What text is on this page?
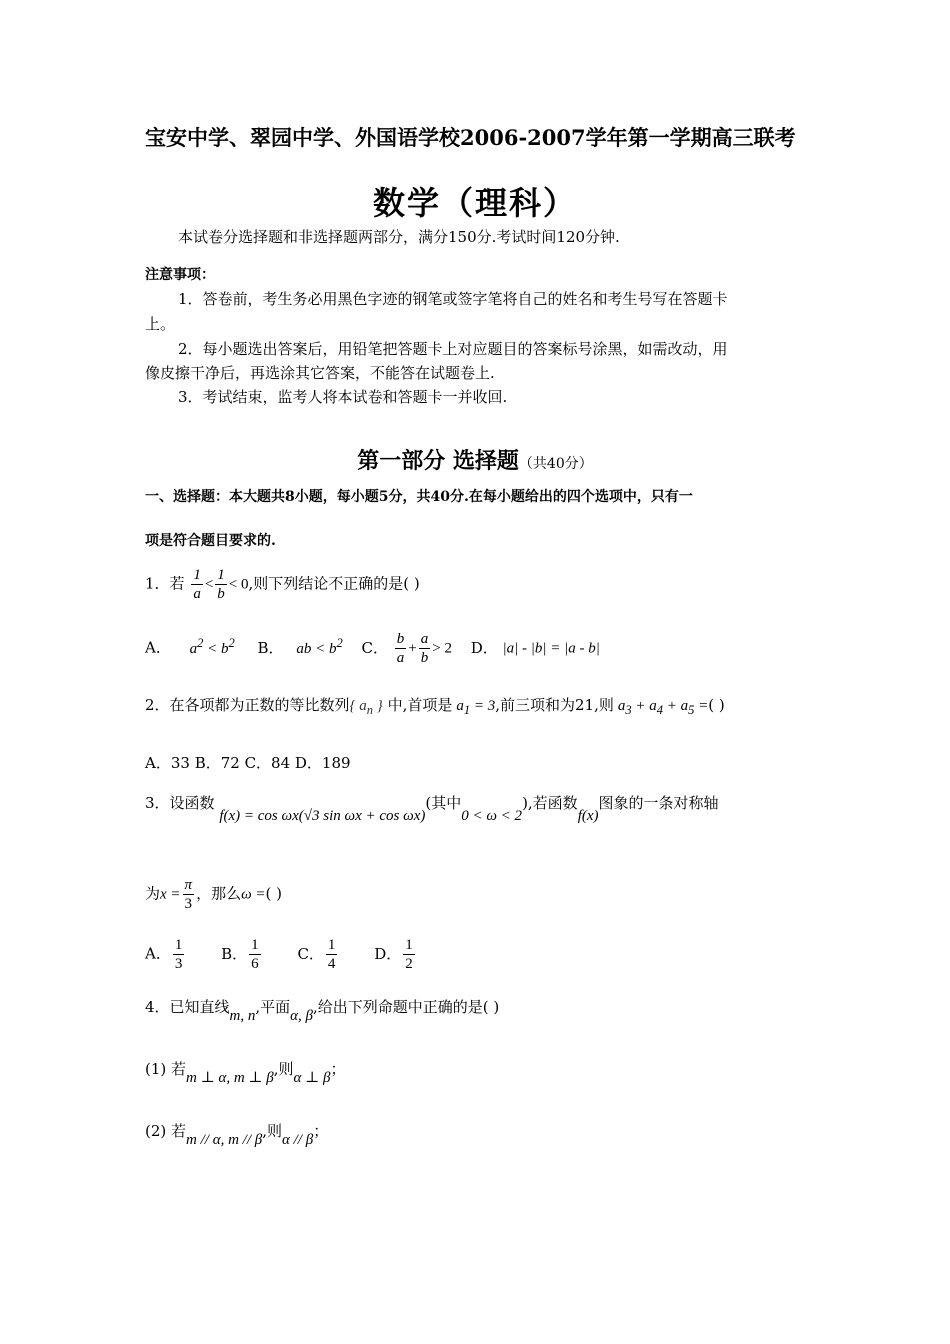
宝安中学、翠园中学、外国语学校2006-2007学年第一学期高三联考
数学（理科）
本试卷分选择题和非选择题两部分，满分150分.考试时间120分钟.
注意事项：
1．答卷前，考生务必用黑色字迹的钢笔或签字笔将自己的姓名和考生号写在答题卡
上。
2．每小题选出答案后，用铅笔把答题卡上对应题目的答案标号涂黑，如需改动，用
像皮擦干净后，再选涂其它答案，不能答在试题卷上.
3．考试结束，监考人将本试卷和答题卡一并收回.
第一部分 选择题（共40分）
一、选择题：本大题共8小题，每小题5分，共40分.在每小题给出的四个选项中，只有一
项是符合题目要求的.
1．若 $\frac{1}{a} < \frac{1}{b} < 0$,则下列结论不正确的是( )
A． $a^2 < b^2$ B． ab < $b^2$ C． $\frac{b}{a} + \frac{a}{b} > 2$ D． |a| - |b| = |a - b|
2．在各项都为正数的等比数列{ $a_n$ } 中,首项是 $a_1 = 3$,前三项和为21,则 $a_3 + a_4 + a_5$ =( )
A．33 B．72 C．84 D．189
3．设函数 f(x) = cos ωx(√3 sin ωx + cos ωx)(其中0 < ω < 2),若函数f(x)图象的一条对称轴
为$x = \frac{\pi}{3}$ ，那么ω =( )
A． $\frac{1}{3}$ B． $\frac{1}{6}$ C． $\frac{1}{4}$ D． $\frac{1}{2}$
4．已知直线m, n,平面α, β,给出下列命题中正确的是( )
(1) 若m ⊥ α, m ⊥ β,则α ⊥ β；
(2) 若m // α, m // β,则α // β；
